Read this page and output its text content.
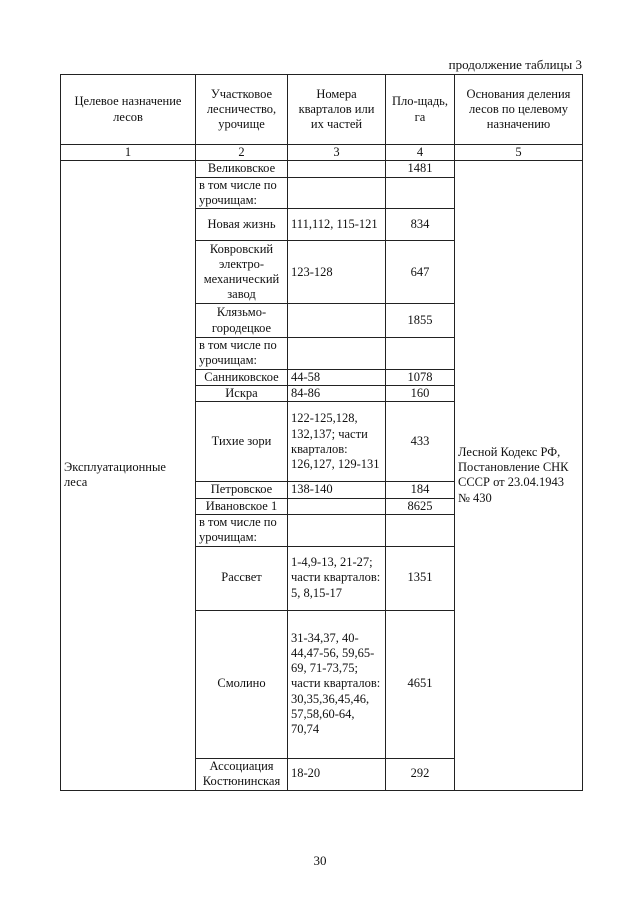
продолжение таблицы 3
Целевое назначение лесов	Участковое лесничество, урочище	Номера кварталов или их частей	Пло-щадь, га	Основания деления лесов по целевому назначению
1	2	3	4	5
Эксплуатационные леса	Великовское		1481	Лесной Кодекс РФ, Постановление СНК СССР от 23.04.1943 № 430
	в том числе по урочищам:			
	Новая жизнь	111,112, 115-121	834	
	Ковровский электро-механический завод	123-128	647	
	Клязьмо-городецкое		1855	
	в том числе по урочищам:			
	Санниковское	44-58	1078	
	Искра	84-86	160	
	Тихие зори	122-125,128, 132,137; части кварталов: 126,127, 129-131	433	
	Петровское	138-140	184	
	Ивановское 1		8625	
	в том числе по урочищам:			
	Рассвет	1-4,9-13, 21-27; части кварталов: 5, 8,15-17	1351	
	Смолино	31-34,37, 40-44,47-56, 59,65-69, 71-73,75; части кварталов: 30,35,36,45,46, 57,58,60-64, 70,74	4651	
	Ассоциация Костюнинская	18-20	292	
30
